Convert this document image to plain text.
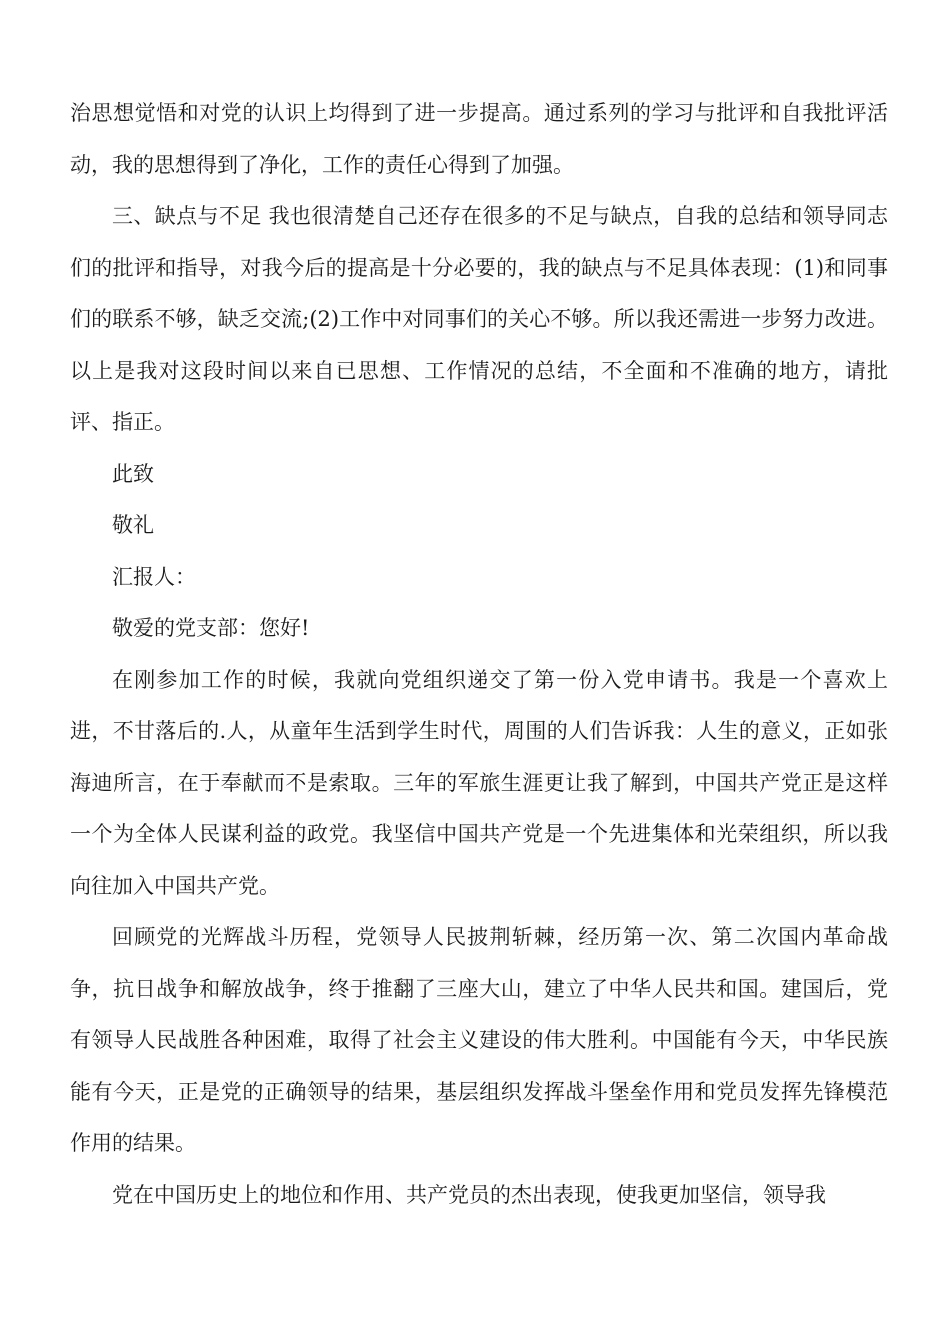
治思想觉悟和对党的认识上均得到了进一步提高。通过系列的学习与批评和自我批评活动，我的思想得到了净化，工作的责任心得到了加强。

三、缺点与不足 我也很清楚自己还存在很多的不足与缺点，自我的总结和领导同志们的批评和指导，对我今后的提高是十分必要的，我的缺点与不足具体表现：(1)和同事们的联系不够，缺乏交流;(2)工作中对同事们的关心不够。所以我还需进一步努力改进。以上是我对这段时间以来自已思想、工作情况的总结，不全面和不准确的地方，请批评、指正。

此致
敬礼
汇报人：
敬爱的党支部：您好!

在刚参加工作的时候，我就向党组织递交了第一份入党申请书。我是一个喜欢上进，不甘落后的.人，从童年生活到学生时代，周围的人们告诉我：人生的意义，正如张海迪所言，在于奉献而不是索取。三年的军旅生涯更让我了解到，中国共产党正是这样一个为全体人民谋利益的政党。我坚信中国共产党是一个先进集体和光荣组织，所以我向往加入中国共产党。

回顾党的光辉战斗历程，党领导人民披荆斩棘，经历第一次、第二次国内革命战争，抗日战争和解放战争，终于推翻了三座大山，建立了中华人民共和国。建国后，党有领导人民战胜各种困难，取得了社会主义建设的伟大胜利。中国能有今天，中华民族能有今天，正是党的正确领导的结果，基层组织发挥战斗堡垒作用和党员发挥先锋模范作用的结果。

党在中国历史上的地位和作用、共产党员的杰出表现，使我更加坚信，领导我
